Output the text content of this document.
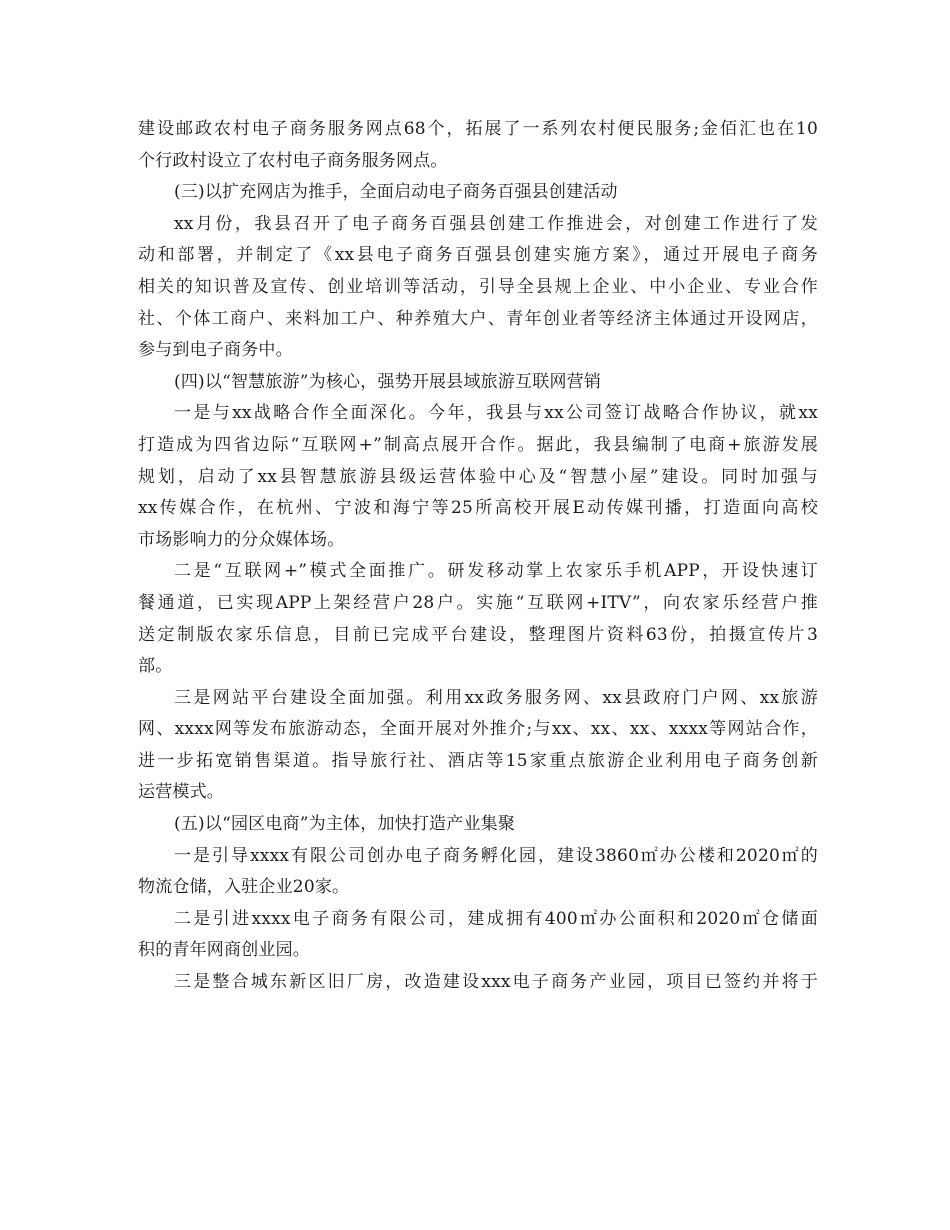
建设邮政农村电子商务服务网点68个，拓展了一系列农村便民服务;金佰汇也在10

个行政村设立了农村电子商务服务网点。

(三)以扩充网店为推手，全面启动电子商务百强县创建活动

xx月份，我县召开了电子商务百强县创建工作推进会，对创建工作进行了发

动和部署，并制定了《xx县电子商务百强县创建实施方案》，通过开展电子商务

相关的知识普及宣传、创业培训等活动，引导全县规上企业、中小企业、专业合作

社、个体工商户、来料加工户、种养殖大户、青年创业者等经济主体通过开设网店，

参与到电子商务中。

(四)以“智慧旅游”为核心，强势开展县域旅游互联网营销

一是与xx战略合作全面深化。今年，我县与xx公司签订战略合作协议，就xx

打造成为四省边际“互联网+”制高点展开合作。据此，我县编制了电商+旅游发展

规划，启动了xx县智慧旅游县级运营体验中心及“智慧小屋”建设。同时加强与

xx传媒合作，在杭州、宁波和海宁等25所高校开展E动传媒刊播，打造面向高校

市场影响力的分众媒体场。

二是“互联网+”模式全面推广。研发移动掌上农家乐手机APP，开设快速订

餐通道，已实现APP上架经营户28户。实施“互联网+ITV”，向农家乐经营户推

送定制版农家乐信息，目前已完成平台建设，整理图片资料63份，拍摄宣传片3

部。

三是网站平台建设全面加强。利用xx政务服务网、xx县政府门户网、xx旅游

网、xxxx网等发布旅游动态，全面开展对外推介;与xx、xx、xx、xxxx等网站合作，

进一步拓宽销售渠道。指导旅行社、酒店等15家重点旅游企业利用电子商务创新

运营模式。

(五)以“园区电商”为主体，加快打造产业集聚

一是引导xxxx有限公司创办电子商务孵化园，建设3860㎡办公楼和2020㎡的

物流仓储，入驻企业20家。

二是引进xxxx电子商务有限公司，建成拥有400㎡办公面积和2020㎡仓储面

积的青年网商创业园。

三是整合城东新区旧厂房，改造建设xxx电子商务产业园，项目已签约并将于
